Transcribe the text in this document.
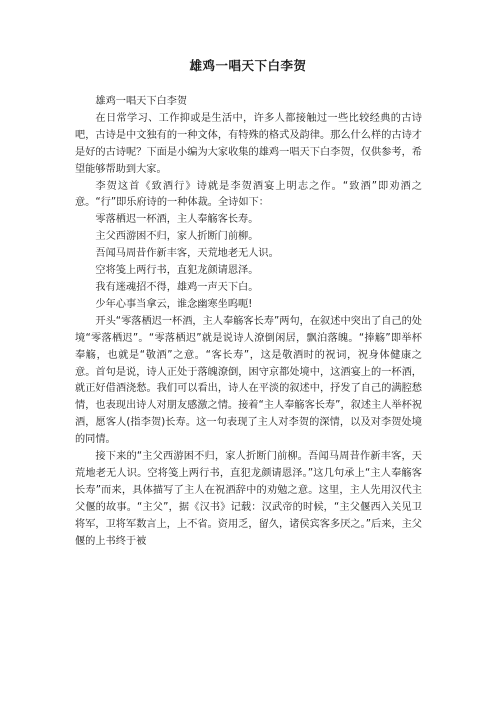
雄鸡一唱天下白李贺

雄鸡一唱天下白李贺

在日常学习、工作抑或是生活中，许多人都接触过一些比较经典的古诗吧，古诗是中文独有的一种文体，有特殊的格式及韵律。那么什么样的古诗才是好的古诗呢？下面是小编为大家收集的雄鸡一唱天下白李贺，仅供参考，希望能够帮助到大家。

李贺这首《致酒行》诗就是李贺酒宴上明志之作。“致酒”即劝酒之意。“行”即乐府诗的一种体裁。全诗如下：

零落栖迟一杯酒，主人奉觞客长寿。

主父西游困不归，家人折断门前柳。

吾闻马周昔作新丰客，天荒地老无人识。

空将笺上两行书，直犯龙颜请恩泽。

我有迷魂招不得，雄鸡一声天下白。

少年心事当拿云，谁念幽寒坐呜呃!

开头“零落栖迟一杯酒，主人奉觞客长寿”两句，在叙述中突出了自己的处境“零落栖迟”。“零落栖迟”就是说诗人潦倒闲居，飘泊落魄。“捧觞”即举杯奉觞，也就是“敬酒”之意。“客长寿”，这是敬酒时的祝词，祝身体健康之意。首句是说，诗人正处于落魄潦倒，困守京都处境中，这酒宴上的一杯酒，就正好借酒浇愁。我们可以看出，诗人在平淡的叙述中，抒发了自己的满腔愁情，也表现出诗人对朋友感激之情。接着“主人奉觞客长寿”，叙述主人举杯祝酒，愿客人(指李贺)长寿。这一句表现了主人对李贺的深情，以及对李贺处境的同情。

接下来的“主父西游困不归，家人折断门前柳。吾闻马周昔作新丰客，天荒地老无人识。空将笺上两行书，直犯龙颜请恩泽。”这几句承上“主人奉觞客长寿”而来，具体描写了主人在祝酒辞中的劝勉之意。这里，主人先用汉代主父偃的故事。“主父”，据《汉书》记载：汉武帝的时候，“主父偃西入关见卫将军，卫将军数言上，上不省。资用乏，留久，诸侯宾客多厌之。”后来，主父偃的上书终于被
